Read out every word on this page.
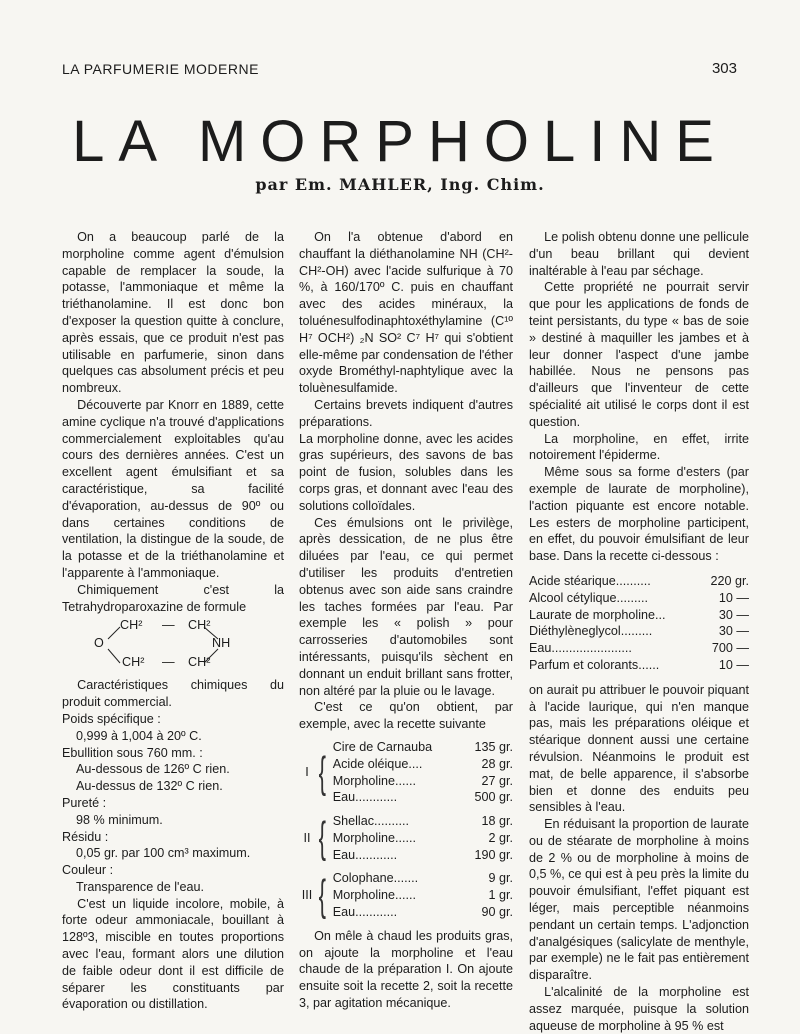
LA PARFUMERIE MODERNE	303
LA MORPHOLINE
par Em. MAHLER, Ing. Chim.

On a beaucoup parlé de la morpholine comme agent d'émulsion capable de remplacer la soude, la potasse, l'ammoniaque et même la triéthanolamine. Il est donc bon d'exposer la question quitte à conclure, après essais, que ce produit n'est pas utilisable en parfumerie, sinon dans quelques cas absolument précis et peu nombreux.

Découverte par Knorr en 1889, cette amine cyclique n'a trouvé d'applications commercialement exploitables qu'au cours des dernières années. C'est un excellent agent émulsifiant et sa caractéristique, sa facilité d'évaporation, au-dessus de 90º ou dans certaines conditions de ventilation, la distingue de la soude, de la potasse et de la triéthanolamine et l'apparente à l'ammoniaque.

Chimiquement c'est la Tetrahydroparoxazine de formule

CH² — CH²
O	NH
CH² — CH²

Caractéristiques chimiques du produit commercial.

Poids spécifique :

0,999 à 1,004 à 20º C.

Ebullition sous 760 mm. :

Au-dessous de 126º C rien.

Au-dessus de 132º C rien.

Pureté :

98 % minimum.

Résidu :

0,05 gr. par 100 cm³ maximum.

Couleur :

Transparence de l'eau.

C'est un liquide incolore, mobile, à forte odeur ammoniacale, bouillant à 128º3, miscible en toutes proportions avec l'eau, formant alors une dilution de faible odeur dont il est difficile de séparer les constituants par évaporation ou distillation.

On l'a obtenue d'abord en chauffant la diéthanolamine NH (CH²-CH²-OH) avec l'acide sulfurique à 70 %, à 160/170º C. puis en chauffant avec des acides minéraux, la toluénesulfodinaphtoxéthylamine (C¹º H⁷ OCH²) ₂N SO² C⁷ H⁷ qui s'obtient elle-même par condensation de l'éther oxyde Brométhyl-naphtylique avec la toluènesulfamide.

Certains brevets indiquent d'autres préparations.

La morpholine donne, avec les acides gras supérieurs, des savons de bas point de fusion, solubles dans les corps gras, et donnant avec l'eau des solutions colloïdales.

Ces émulsions ont le privilège, après dessication, de ne plus être diluées par l'eau, ce qui permet d'utiliser les produits d'entretien obtenus avec son aide sans craindre les taches formées par l'eau. Par exemple les « polish » pour carrosseries d'automobiles sont intéressants, puisqu'ils sèchent en donnant un enduit brillant sans frotter, non altéré par la pluie ou le lavage.

C'est ce qu'on obtient, par exemple, avec la recette suivante

I {
Cire de Carnauba	135 gr.
Acide oléique....	28 gr.
Morpholine......	27 gr.
Eau............	500 gr.
II { Shellac..........	18 gr.
Morpholine......	2 gr.
Eau............	190 gr.
III { Colophane.......	9 gr.
Morpholine......	1 gr.
Eau............	90 gr.

On mêle à chaud les produits gras, on ajoute la morpholine et l'eau chaude de la préparation I. On ajoute ensuite soit la recette 2, soit la recette 3, par agitation mécanique.

Le polish obtenu donne une pellicule d'un beau brillant qui devient inaltérable à l'eau par séchage.

Cette propriété ne pourrait servir que pour les applications de fonds de teint persistants, du type « bas de soie » destiné à maquiller les jambes et à leur donner l'aspect d'une jambe habillée. Nous ne pensons pas d'ailleurs que l'inventeur de cette spécialité ait utilisé le corps dont il est question.

La morpholine, en effet, irrite notoirement l'épiderme.

Même sous sa forme d'esters (par exemple de laurate de morpholine), l'action piquante est encore notable. Les esters de morpholine participent, en effet, du pouvoir émulsifiant de leur base. Dans la recette ci-dessous :

Acide stéarique..........	220 gr.
Alcool cétylique.........	10 —
Laurate de morpholine...	30 —
Diéthylèneglycol.........	30 —
Eau.......................	700 —
Parfum et colorants......	10 —

on aurait pu attribuer le pouvoir piquant à l'acide laurique, qui n'en manque pas, mais les préparations oléique et stéarique donnent aussi une certaine révulsion. Néanmoins le produit est mat, de belle apparence, il s'absorbe bien et donne des enduits peu sensibles à l'eau.

En réduisant la proportion de laurate ou de stéarate de morpholine à moins de 2 % ou de morpholine à moins de 0,5 %, ce qui est à peu près la limite du pouvoir émulsifiant, l'effet piquant est léger, mais perceptible néanmoins pendant un certain temps. L'adjonction d'analgésiques (salicylate de menthyle, par exemple) ne le fait pas entièrement disparaître.

L'alcalinité de la morpholine est assez marquée, puisque la solution aqueuse de morpholine à 95 % est
